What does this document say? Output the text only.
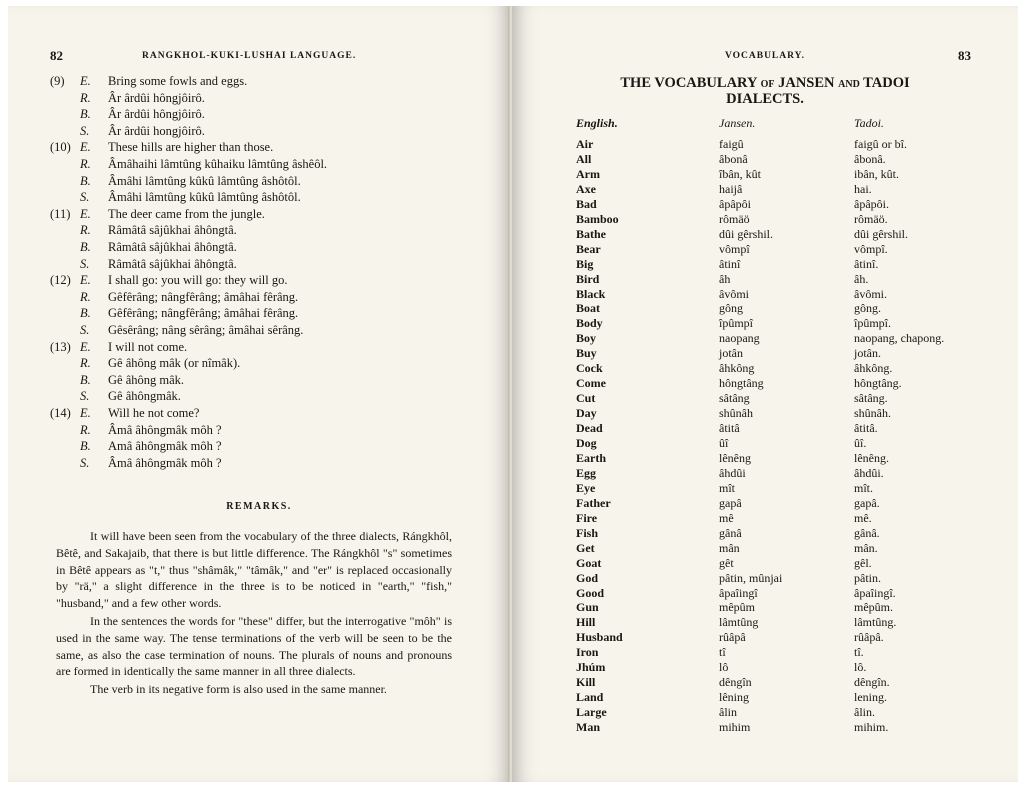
82	RANGKHOL-KUKI-LUSHAI LANGUAGE.
(9) E. Bring some fowls and eggs.
R. Âr ârdûi hôngjôirô.
B. Âr ârdûi hôngjôirô.
S. Âr ârdûi hongjôirô.
(10) E. These hills are higher than those.
R. Âmâhaihi lâmtûng kûhaiku lâmtûng âshêôl.
B. Âmâhi lâmtûng kûkû lâmtûng âshôtôl.
S. Âmâhi lâmtûng kûkû lâmtûng âshôtôl.
(11) E. The deer came from the jungle.
R. Râmâtâ sâjûkhai âhôngtâ.
B. Râmâtâ sâjûkhai âhôngtâ.
S. Râmâtâ sâjûkhai âhôngtâ.
(12) E. I shall go: you will go: they will go.
R. Gêfêrâng; nângfêrâng; âmâhai fêrâng.
B. Gêfêrâng; nângfêrâng; âmâhai fêrâng.
S. Gêsêrâng; nâng sêrâng; âmâhai sêrâng.
(13) E. I will not come.
R. Gê âhông mâk (or nîmâk).
B. Gê âhông mâk.
S. Gê âhôngmâk.
(14) E. Will he not come?
R. Âmâ âhôngmâk môh ?
B. Amâ âhôngmâk môh ?
S. Âmâ âhôngmâk môh ?
REMARKS.

It will have been seen from the vocabulary of the three dialects, Rángkhôl, Bêtê, and Sakajaib, that there is but little difference. The Rángkhôl "s" sometimes in Bêtê appears as "t," thus "shâmâk," "tâmâk," and "er" is replaced occasionally by "rä," a slight difference in the three is to be noticed in "earth," "fish," "husband," and a few other words.

In the sentences the words for "these" differ, but the interrogative "môh" is used in the same way. The tense terminations of the verb will be seen to be the same, as also the case termination of nouns. The plurals of nouns and pronouns are formed in identically the same manner in all three dialects.

The verb in its negative form is also used in the same manner.

VOCABULARY.	83
THE VOCABULARY OF JANSEN AND TADOI
DIALECTS.
English.	Jansen.	Tadoi.
Air	faigû	faigû or bî.
All	âbonâ	âbonâ.
Arm	îbân, kût	ibân, kût.
Axe	haijâ	hai.
Bad	âpâpôi	âpâpôi.
Bamboo	rômäö	rômäö.
Bathe	dûi gêrshil.	dûi gêrshil.
Bear	vômpî	vômpî.
Big	âtinî	âtinî.
Bird	âh	âh.
Black	âvômi	âvômi.
Boat	gông	gông.
Body	îpûmpî	îpûmpî.
Boy	naopang	naopang, chapong.
Buy	jotân	jotân.
Cock	âhkông	âhkông.
Come	hôngtâng	hôngtâng.
Cut	sâtâng	sâtâng.
Day	shûnâh	shûnâh.
Dead	âtitâ	âtitâ.
Dog	ûî	ûî.
Earth	lênêng	lênêng.
Egg	âhdûi	âhdûi.
Eye	mît	mît.
Father	gapâ	gapâ.
Fire	mê	mê.
Fish	gânâ	gânâ.
Get	mân	mân.
Goat	gêt	gêl.
God	pâtin, mûnjai	pâtin.
Good	âpaîingî	âpaîingî.
Gun	mêpûm	mêpûm.
Hill	lâmtûng	lâmtûng.
Husband	rûâpâ	rûâpâ.
Iron	tî	tî.
Jhúm	lô	lô.
Kill	dêngîn	dêngîn.
Land	lêning	lening.
Large	âlin	âlin.
Man	mihim	mihim.
